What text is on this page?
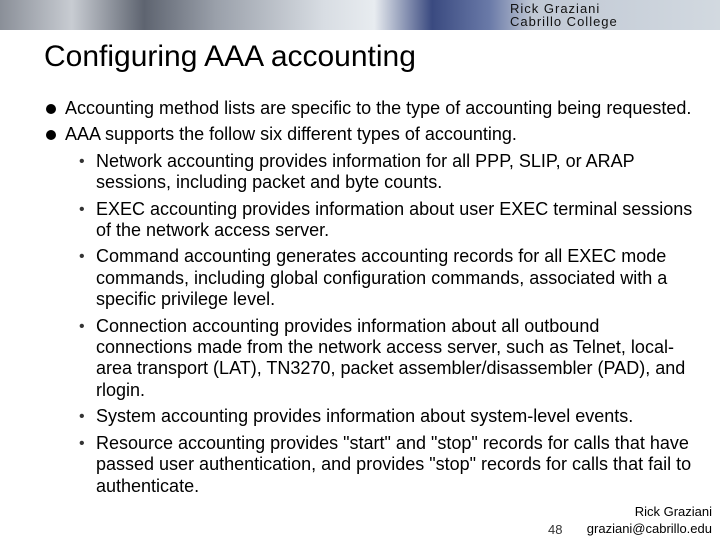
Rick Graziani
Cabrillo College
Configuring AAA accounting
Accounting method lists are specific to the type of accounting being requested.
AAA supports the follow six different types of accounting.
• Network accounting provides information for all PPP, SLIP, or ARAP sessions, including packet and byte counts.
• EXEC accounting provides information about user EXEC terminal sessions of the network access server.
• Command accounting generates accounting records for all EXEC mode commands, including global configuration commands, associated with a specific privilege level.
• Connection accounting provides information about all outbound connections made from the network access server, such as Telnet, local-area transport (LAT), TN3270, packet assembler/disassembler (PAD), and rlogin.
• System accounting provides information about system-level events.
• Resource accounting provides "start" and "stop" records for calls that have passed user authentication, and provides "stop" records for calls that fail to authenticate.
Rick Graziani
graziani@cabrillo.edu
48
